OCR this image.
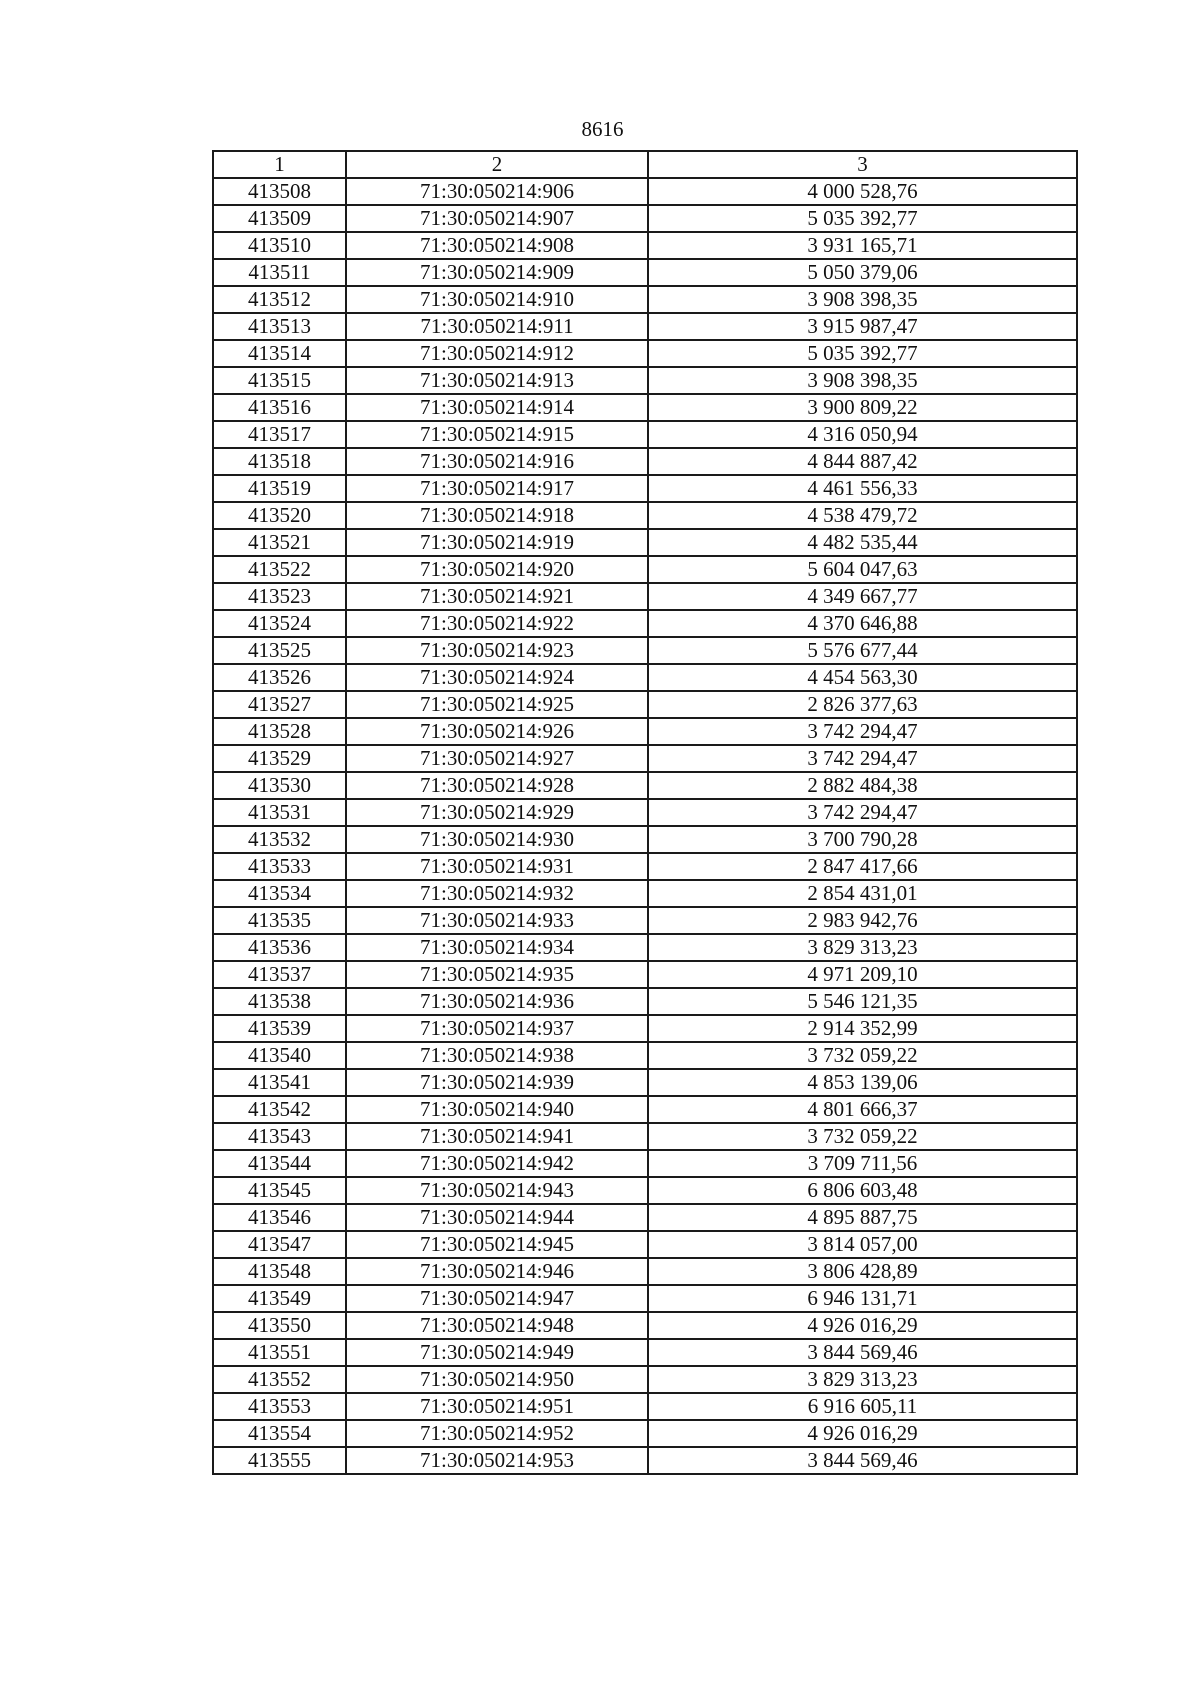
8616
1	2	3
413508	71:30:050214:906	4 000 528,76
413509	71:30:050214:907	5 035 392,77
413510	71:30:050214:908	3 931 165,71
413511	71:30:050214:909	5 050 379,06
413512	71:30:050214:910	3 908 398,35
413513	71:30:050214:911	3 915 987,47
413514	71:30:050214:912	5 035 392,77
413515	71:30:050214:913	3 908 398,35
413516	71:30:050214:914	3 900 809,22
413517	71:30:050214:915	4 316 050,94
413518	71:30:050214:916	4 844 887,42
413519	71:30:050214:917	4 461 556,33
413520	71:30:050214:918	4 538 479,72
413521	71:30:050214:919	4 482 535,44
413522	71:30:050214:920	5 604 047,63
413523	71:30:050214:921	4 349 667,77
413524	71:30:050214:922	4 370 646,88
413525	71:30:050214:923	5 576 677,44
413526	71:30:050214:924	4 454 563,30
413527	71:30:050214:925	2 826 377,63
413528	71:30:050214:926	3 742 294,47
413529	71:30:050214:927	3 742 294,47
413530	71:30:050214:928	2 882 484,38
413531	71:30:050214:929	3 742 294,47
413532	71:30:050214:930	3 700 790,28
413533	71:30:050214:931	2 847 417,66
413534	71:30:050214:932	2 854 431,01
413535	71:30:050214:933	2 983 942,76
413536	71:30:050214:934	3 829 313,23
413537	71:30:050214:935	4 971 209,10
413538	71:30:050214:936	5 546 121,35
413539	71:30:050214:937	2 914 352,99
413540	71:30:050214:938	3 732 059,22
413541	71:30:050214:939	4 853 139,06
413542	71:30:050214:940	4 801 666,37
413543	71:30:050214:941	3 732 059,22
413544	71:30:050214:942	3 709 711,56
413545	71:30:050214:943	6 806 603,48
413546	71:30:050214:944	4 895 887,75
413547	71:30:050214:945	3 814 057,00
413548	71:30:050214:946	3 806 428,89
413549	71:30:050214:947	6 946 131,71
413550	71:30:050214:948	4 926 016,29
413551	71:30:050214:949	3 844 569,46
413552	71:30:050214:950	3 829 313,23
413553	71:30:050214:951	6 916 605,11
413554	71:30:050214:952	4 926 016,29
413555	71:30:050214:953	3 844 569,46
